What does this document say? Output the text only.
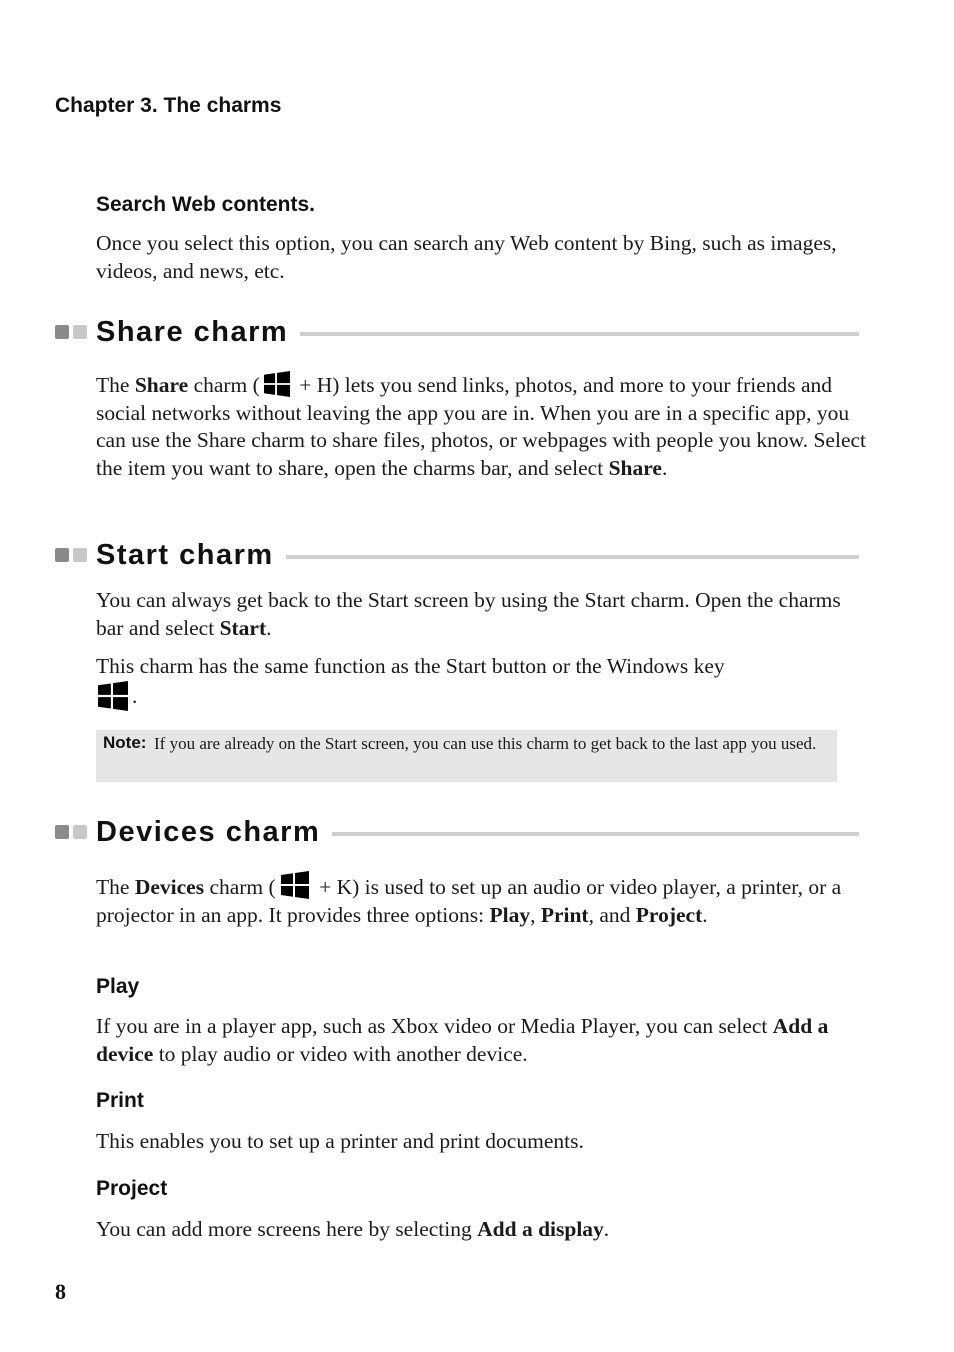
Chapter 3. The charms
Search Web contents.

Once you select this option, you can search any Web content by Bing, such as images, videos, and news, etc.

Share charm

The Share charm ( + H) lets you send links, photos, and more to your friends and social networks without leaving the app you are in. When you are in a specific app, you can use the Share charm to share files, photos, or webpages with people you know. Select the item you want to share, open the charms bar, and select Share.

Start charm

You can always get back to the Start screen by using the Start charm. Open the charms bar and select Start.

This charm has the same function as the Start button or the Windows key
.

Note: If you are already on the Start screen, you can use this charm to get back to the last app you used.
Devices charm

The Devices charm ( + K) is used to set up an audio or video player, a printer, or a projector in an app. It provides three options: Play, Print, and Project.

Play

If you are in a player app, such as Xbox video or Media Player, you can select Add a device to play audio or video with another device.

Print

This enables you to set up a printer and print documents.

Project

You can add more screens here by selecting Add a display.

8
